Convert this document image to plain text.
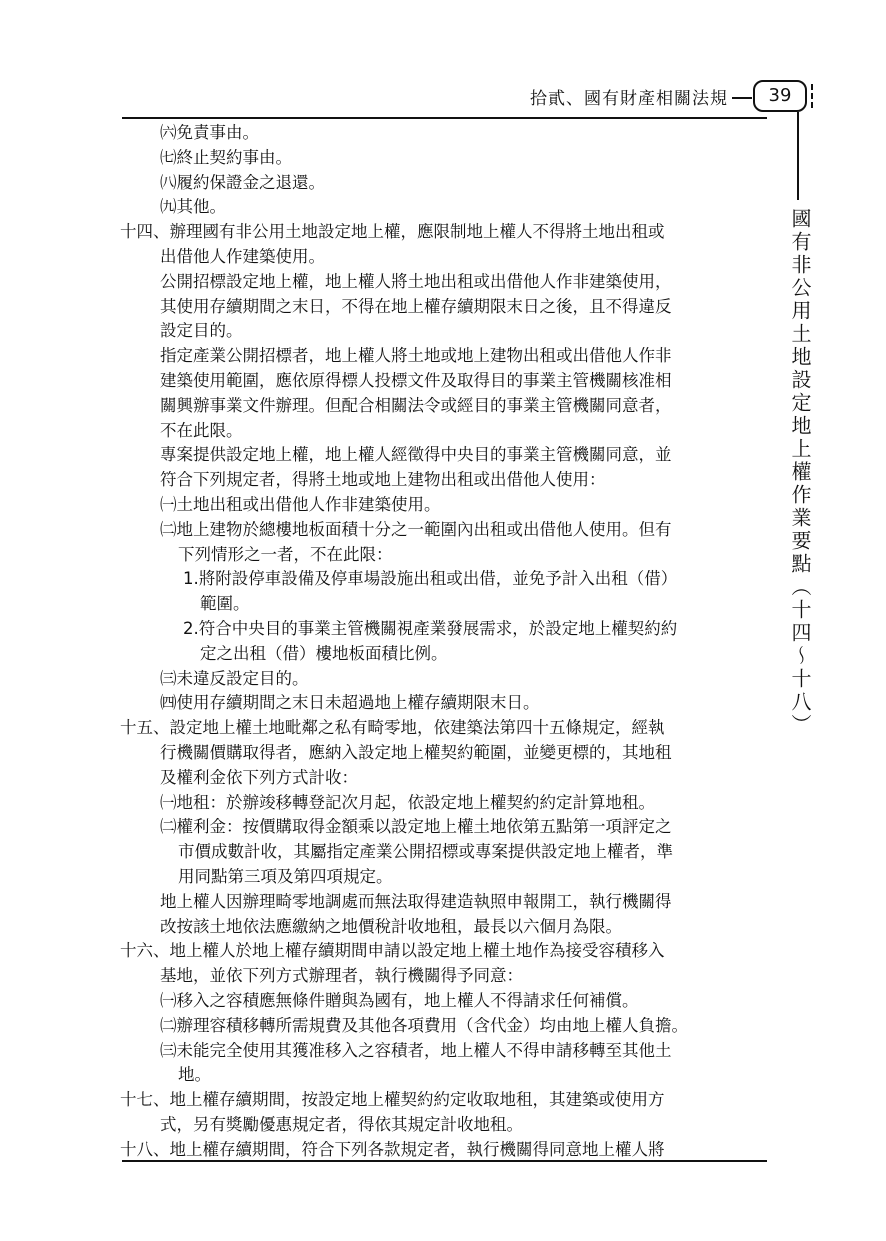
拾貳、國有財產相關法規	39
國有非公用土地設定地上權作業要點（十四～十八）
㈥免責事由。
㈦終止契約事由。
㈧履約保證金之退還。
㈨其他。
十四、辦理國有非公用土地設定地上權，應限制地上權人不得將土地出租或
出借他人作建築使用。
公開招標設定地上權，地上權人將土地出租或出借他人作非建築使用，
其使用存續期間之末日，不得在地上權存續期限末日之後，且不得違反
設定目的。
指定產業公開招標者，地上權人將土地或地上建物出租或出借他人作非
建築使用範圍，應依原得標人投標文件及取得目的事業主管機關核准相
關興辦事業文件辦理。但配合相關法令或經目的事業主管機關同意者，
不在此限。
專案提供設定地上權，地上權人經徵得中央目的事業主管機關同意，並
符合下列規定者，得將土地或地上建物出租或出借他人使用：
㈠土地出租或出借他人作非建築使用。
㈡地上建物於總樓地板面積十分之一範圍內出租或出借他人使用。但有
下列情形之一者，不在此限：
1.將附設停車設備及停車場設施出租或出借，並免予計入出租（借）
範圍。
2.符合中央目的事業主管機關視產業發展需求，於設定地上權契約約
定之出租（借）樓地板面積比例。
㈢未違反設定目的。
㈣使用存續期間之末日未超過地上權存續期限末日。
十五、設定地上權土地毗鄰之私有畸零地，依建築法第四十五條規定，經執
行機關價購取得者，應納入設定地上權契約範圍，並變更標的，其地租
及權利金依下列方式計收：
㈠地租：於辦竣移轉登記次月起，依設定地上權契約約定計算地租。
㈡權利金：按價購取得金額乘以設定地上權土地依第五點第一項評定之
市價成數計收，其屬指定產業公開招標或專案提供設定地上權者，準
用同點第三項及第四項規定。
地上權人因辦理畸零地調處而無法取得建造執照申報開工，執行機關得
改按該土地依法應繳納之地價稅計收地租，最長以六個月為限。
十六、地上權人於地上權存續期間申請以設定地上權土地作為接受容積移入
基地，並依下列方式辦理者，執行機關得予同意：
㈠移入之容積應無條件贈與為國有，地上權人不得請求任何補償。
㈡辦理容積移轉所需規費及其他各項費用（含代金）均由地上權人負擔。
㈢未能完全使用其獲准移入之容積者，地上權人不得申請移轉至其他土
地。
十七、地上權存續期間，按設定地上權契約約定收取地租，其建築或使用方
式，另有獎勵優惠規定者，得依其規定計收地租。
十八、地上權存續期間，符合下列各款規定者，執行機關得同意地上權人將
